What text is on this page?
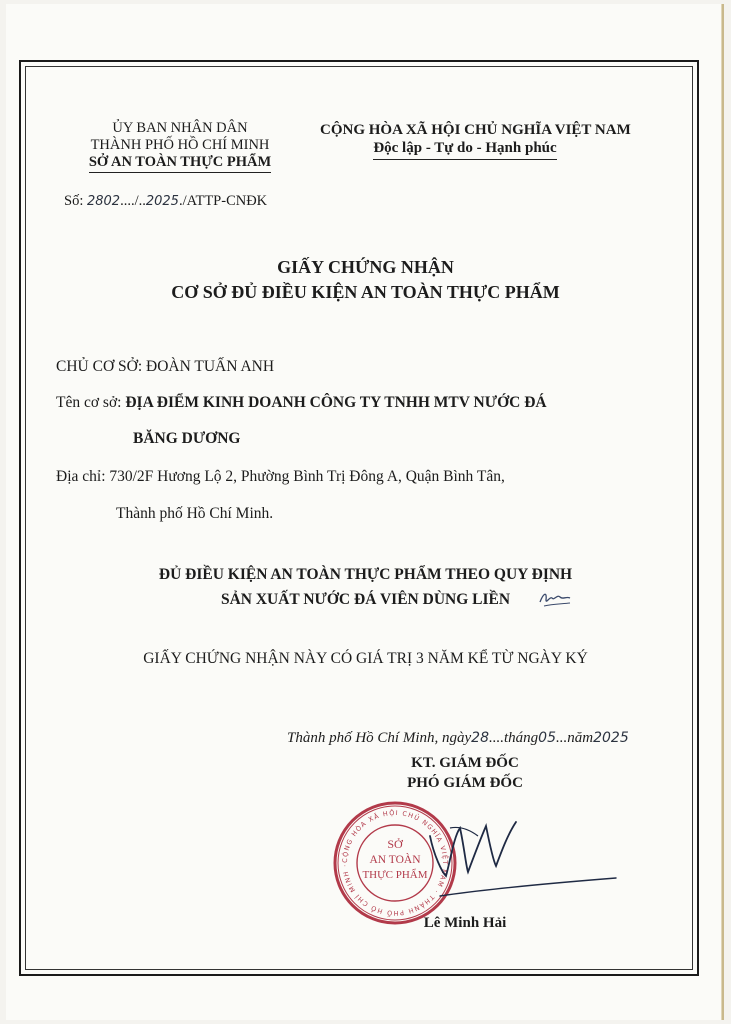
ỦY BAN NHÂN DÂN
THÀNH PHỐ HỒ CHÍ MINH
SỞ AN TOÀN THỰC PHẨM
CỘNG HÒA XÃ HỘI CHỦ NGHĨA VIỆT NAM
Độc lập - Tự do - Hạnh phúc
Số: 2802..../..2025./ATTP-CNĐK
GIẤY CHỨNG NHẬN
CƠ SỞ ĐỦ ĐIỀU KIỆN AN TOÀN THỰC PHẨM
CHỦ CƠ SỞ: ĐOÀN TUẤN ANH
Tên cơ sở: ĐỊA ĐIỂM KINH DOANH CÔNG TY TNHH MTV NƯỚC ĐÁ
BĂNG DƯƠNG
Địa chỉ: 730/2F Hương Lộ 2, Phường Bình Trị Đông A, Quận Bình Tân,
Thành phố Hồ Chí Minh.
ĐỦ ĐIỀU KIỆN AN TOÀN THỰC PHẨM THEO QUY ĐỊNH
SẢN XUẤT NƯỚC ĐÁ VIÊN DÙNG LIỀN
GIẤY CHỨNG NHẬN NÀY CÓ GIÁ TRỊ 3 NĂM KỂ TỪ NGÀY KÝ
Thành phố Hồ Chí Minh, ngày28....tháng05...năm2025
KT. GIÁM ĐỐC
PHÓ GIÁM ĐỐC
CỘNG HÒA XÃ HỘI CHỦ NGHĨA VIỆT NAM · THÀNH PHỐ HỒ CHÍ MINH ·
SỞ
AN TOÀN
THỰC PHẨM
Lê Minh Hải
